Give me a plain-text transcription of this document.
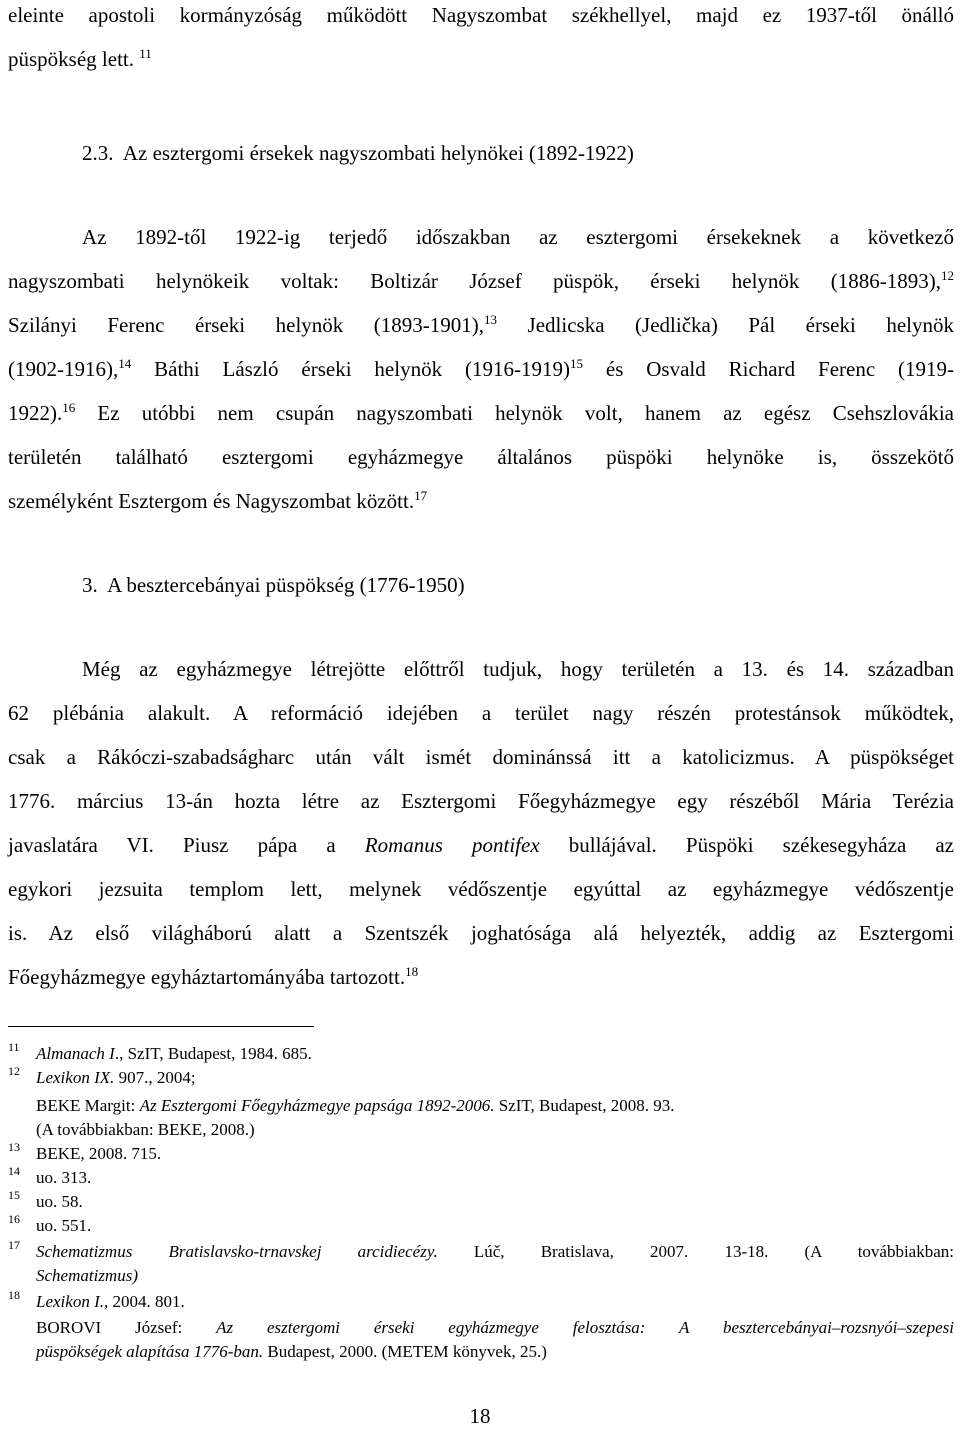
eleinte apostoli kormányzóság működött Nagyszombat székhellyel, majd ez 1937-től önálló

püspökség lett. $^{11}$

2.3.  Az esztergomi érsekek nagyszombati helynökei (1892-1922)

Az 1892-től 1922-ig terjedő időszakban az esztergomi érsekeknek a következő

nagyszombati helynökeik voltak: Boltizár József püspök, érseki helynök (1886-1893),$^{12}$

Szilányi Ferenc érseki helynök (1893-1901),$^{13}$ Jedlicska (Jedlička) Pál érseki helynök

(1902-1916),$^{14}$ Báthi László érseki helynök (1916-1919)$^{15}$ és Osvald Richard Ferenc (1919-

1922).$^{16}$ Ez utóbbi nem csupán nagyszombati helynök volt, hanem az egész Csehszlovákia

területén található esztergomi egyházmegye általános püspöki helynöke is, összekötő

személyként Esztergom és Nagyszombat között.$^{17}$

3.  A besztercebányai püspökség (1776-1950)

Még az egyházmegye létrejötte előttről tudjuk, hogy területén a 13. és 14. században

62 plébánia alakult. A reformáció idejében a terület nagy részén protestánsok működtek,

csak a Rákóczi-szabadságharc után vált ismét dominánssá itt a katolicizmus. A püspökséget

1776. március 13-án hozta létre az Esztergomi Főegyházmegye egy részéből Mária Terézia

javaslatára VI. Piusz pápa a Romanus pontifex bullájával. Püspöki székesegyháza az

egykori jezsuita templom lett, melynek védőszentje egyúttal az egyházmegye védőszentje

is. Az első világháború alatt a Szentszék joghatósága alá helyezték, addig az Esztergomi

Főegyházmegye egyháztartományába tartozott.$^{18}$

11 Almanach I., SzIT, Budapest, 1984. 685.
12 Lexikon IX. 907., 2004;
BEKE Margit: Az Esztergomi Főegyházmegye papsága 1892-2006. SzIT, Budapest, 2008. 93.
(A továbbiakban: BEKE, 2008.)
13 BEKE, 2008. 715.
14 uo. 313.
15 uo. 58.
16 uo. 551.
17 Schematizmus Bratislavsko-trnavskej arcidiecézy. Lúč, Bratislava, 2007. 13-18. (A továbbiakban:
Schematizmus)
18 Lexikon I., 2004. 801.
BOROVI József: Az esztergomi érseki egyházmegye felosztása: A besztercebányai–rozsnyói–szepesi
püspökségek alapítása 1776-ban. Budapest, 2000. (METEM könyvek, 25.)
18
